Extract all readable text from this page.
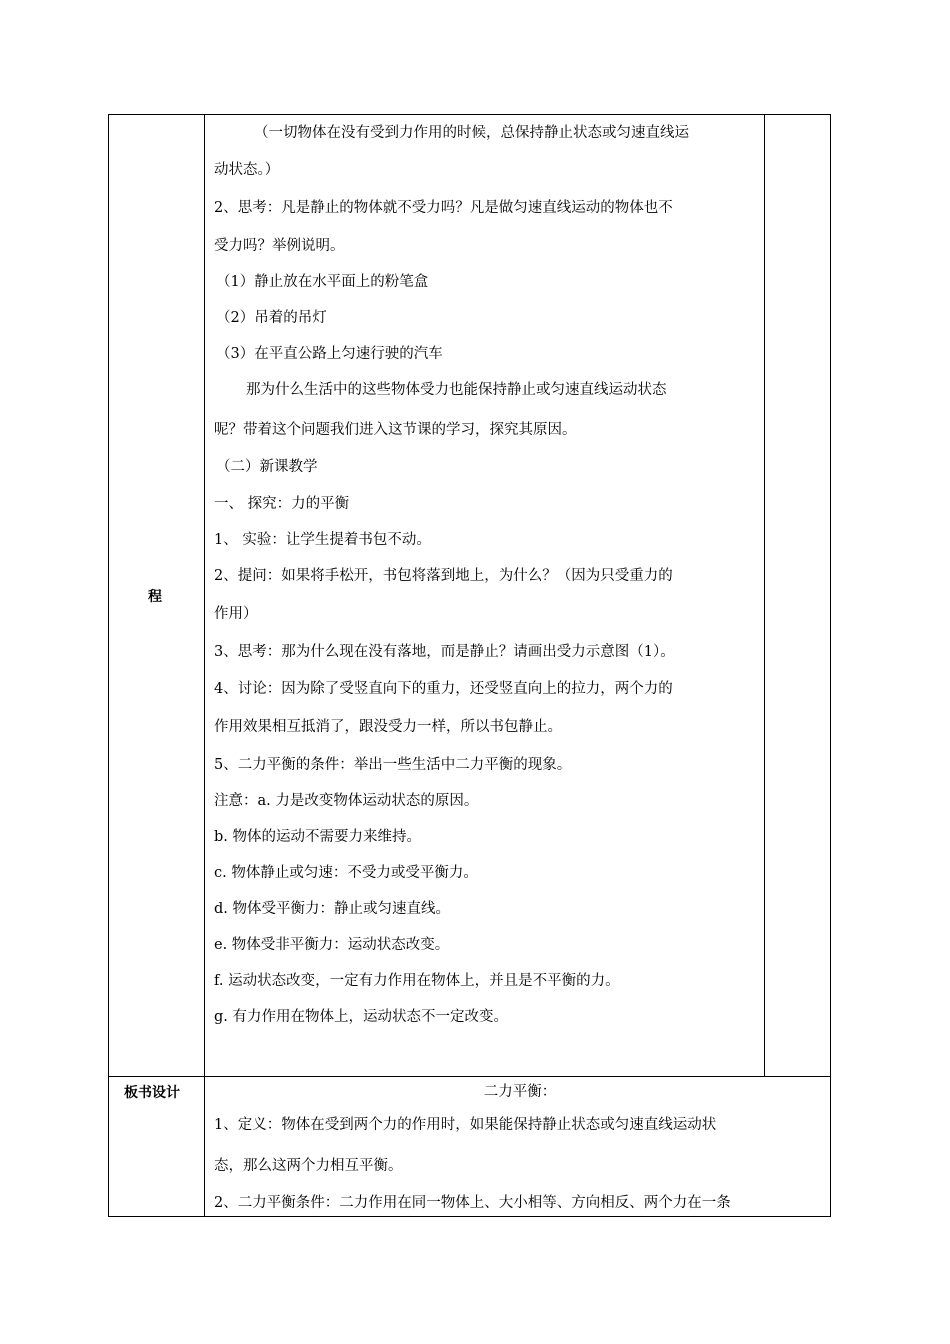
程
板书设计
（一切物体在没有受到力作用的时候，总保持静止状态或匀速直线运
动状态。）
2、思考：凡是静止的物体就不受力吗？凡是做匀速直线运动的物体也不
受力吗？举例说明。
（1）静止放在水平面上的粉笔盒
（2）吊着的吊灯
（3）在平直公路上匀速行驶的汽车
那为什么生活中的这些物体受力也能保持静止或匀速直线运动状态
呢？带着这个问题我们进入这节课的学习，探究其原因。
（二）新课教学
一、 探究：力的平衡
1、 实验：让学生提着书包不动。
2、提问：如果将手松开，书包将落到地上，为什么？（因为只受重力的
作用）
3、思考：那为什么现在没有落地，而是静止？请画出受力示意图（1）。
4、讨论：因为除了受竖直向下的重力，还受竖直向上的拉力，两个力的
作用效果相互抵消了，跟没受力一样，所以书包静止。
5、二力平衡的条件：举出一些生活中二力平衡的现象。
注意：a. 力是改变物体运动状态的原因。
b. 物体的运动不需要力来维持。
c. 物体静止或匀速：不受力或受平衡力。
d. 物体受平衡力：静止或匀速直线。
e. 物体受非平衡力：运动状态改变。
f. 运动状态改变，一定有力作用在物体上，并且是不平衡的力。
g. 有力作用在物体上，运动状态不一定改变。
二力平衡：
1、定义：物体在受到两个力的作用时，如果能保持静止状态或匀速直线运动状
态，那么这两个力相互平衡。
2、二力平衡条件：二力作用在同一物体上、大小相等、方向相反、两个力在一条
